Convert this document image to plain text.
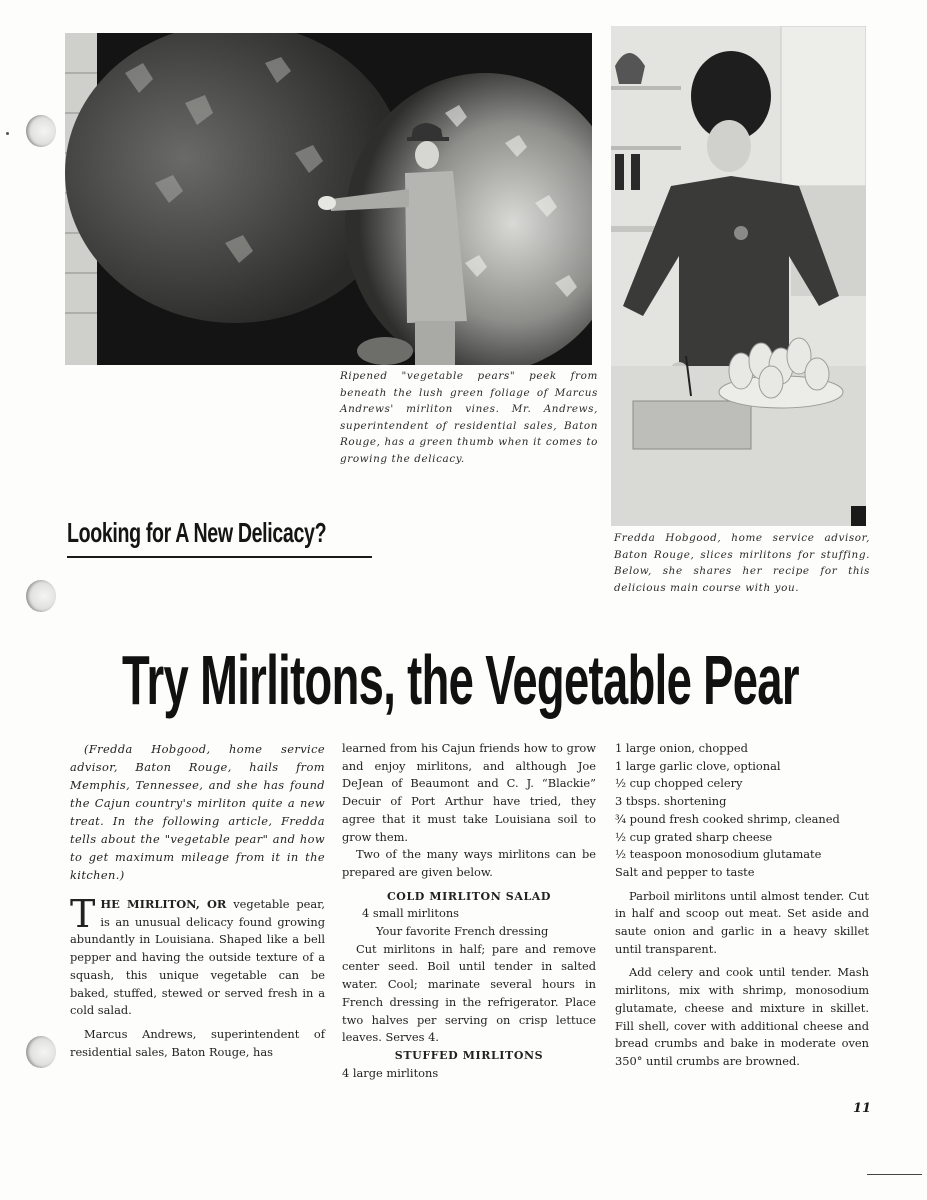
Ripened "vegetable pears" peek from beneath the lush green foliage of Marcus Andrews' mirliton vines. Mr. Andrews, superintendent of residential sales, Baton Rouge, has a green thumb when it comes to growing the delicacy.
Fredda Hobgood, home service advisor, Baton Rouge, slices mirlitons for stuffing. Below, she shares her recipe for this delicious main course with you.
Looking for A New Delicacy?
Try Mirlitons, the Vegetable Pear

(Fredda Hobgood, home service advisor, Baton Rouge, hails from Memphis, Tennessee, and she has found the Cajun country's mirliton quite a new treat. In the following article, Fredda tells about the "vegetable pear" and how to get maximum mileage from it in the kitchen.)

THE MIRLITON, OR vegetable pear, is an unusual delicacy found growing abundantly in Louisiana. Shaped like a bell pepper and having the outside texture of a squash, this unique vegetable can be baked, stuffed, stewed or served fresh in a cold salad.

Marcus Andrews, superintendent of residential sales, Baton Rouge, has

learned from his Cajun friends how to grow and enjoy mirlitons, and although Joe DeJean of Beaumont and C. J. “Blackie” Decuir of Port Arthur have tried, they agree that it must take Louisiana soil to grow them.

Two of the many ways mirlitons can be prepared are given below.

COLD MIRLITON SALAD

4 small mirlitons

Your favorite French dressing

Cut mirlitons in half; pare and remove center seed. Boil until tender in salted water. Cool; marinate several hours in French dressing in the refrigerator. Place two halves per serving on crisp lettuce leaves. Serves 4.

STUFFED MIRLITONS

4 large mirlitons

1 large onion, chopped

1 large garlic clove, optional

½ cup chopped celery

3 tbsps. shortening

¾ pound fresh cooked shrimp, cleaned

½ cup grated sharp cheese

½ teaspoon monosodium glutamate

Salt and pepper to taste

Parboil mirlitons until almost tender. Cut in half and scoop out meat. Set aside and saute onion and garlic in a heavy skillet until transparent.

Add celery and cook until tender. Mash mirlitons, mix with shrimp, monosodium glutamate, cheese and mixture in skillet. Fill shell, cover with additional cheese and bread crumbs and bake in moderate oven 350° until crumbs are browned.

11
